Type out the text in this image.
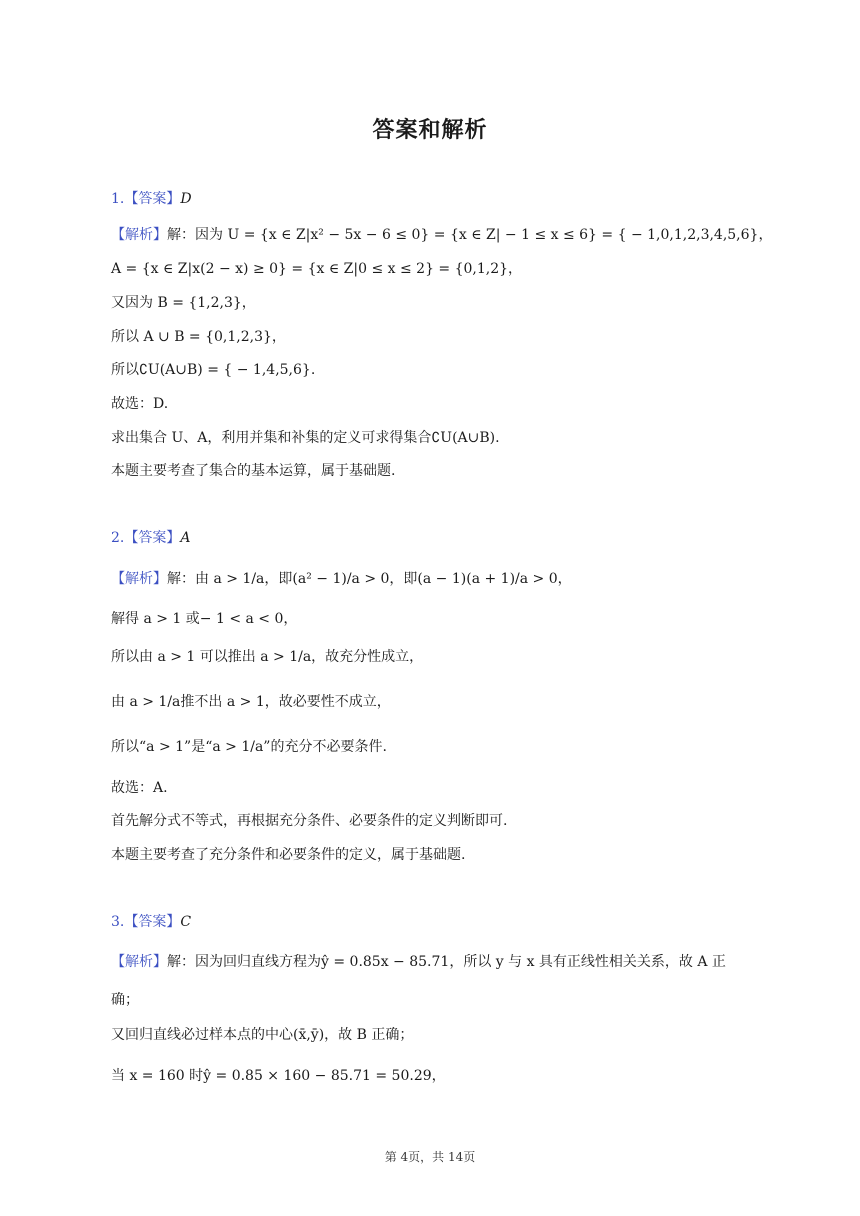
答案和解析
1.【答案】D
【解析】解：因为 U = {x ∈ Z|x² − 5x − 6 ≤ 0} = {x ∈ Z| − 1 ≤ x ≤ 6} = { − 1,0,1,2,3,4,5,6}，
A = {x ∈ Z|x(2 − x) ≥ 0} = {x ∈ Z|0 ≤ x ≤ 2} = {0,1,2}，
又因为 B = {1,2,3}，
所以 A ∪ B = {0,1,2,3}，
所以∁U(A∪B) = { − 1,4,5,6}.
故选：D.
求出集合 U、A，利用并集和补集的定义可求得集合∁U(A∪B).
本题主要考查了集合的基本运算，属于基础题.
2.【答案】A
【解析】解：由 a > 1/a，即(a² − 1)/a > 0，即(a − 1)(a + 1)/a > 0，
解得 a > 1 或− 1 < a < 0，
所以由 a > 1 可以推出 a > 1/a，故充分性成立，
由 a > 1/a推不出 a > 1，故必要性不成立，
所以“a > 1”是“a > 1/a”的充分不必要条件.
故选：A.
首先解分式不等式，再根据充分条件、必要条件的定义判断即可.
本题主要考查了充分条件和必要条件的定义，属于基础题.
3.【答案】C
【解析】解：因为回归直线方程为ŷ = 0.85x − 85.71，所以 y 与 x 具有正线性相关关系，故 A 正
确；
又回归直线必过样本点的中心(x̄,ȳ)，故 B 正确；
当 x = 160 时ŷ = 0.85 × 160 − 85.71 = 50.29，
第 4页，共 14页
